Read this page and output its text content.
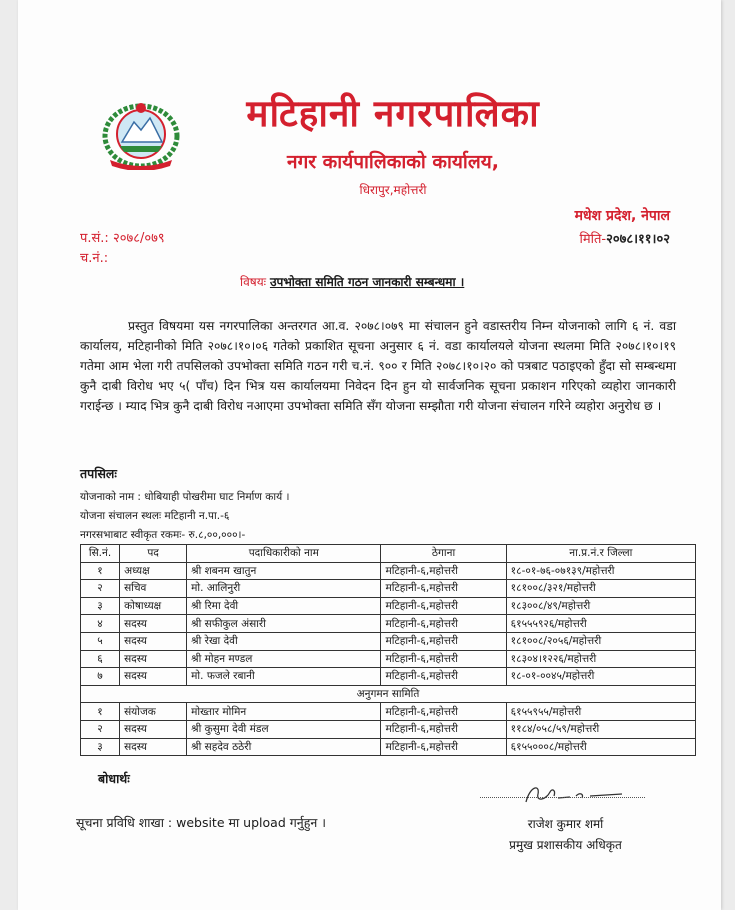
मटिहानी नगरपालिका
नगर कार्यपालिकाको कार्यालय,
धिरापुर,महोत्तरी
मधेश प्रदेश, नेपाल
प.सं.: २०७८/०७९
च.नं.:
मिति-२०७८।११।०२
विषयः उपभोक्ता समिति गठन जानकारी सम्बन्धमा ।
प्रस्तुत विषयमा यस नगरपालिका अन्तरगत आ.व. २०७८।०७९ मा संचालन हुने वडास्तरीय निम्न योजनाको लागि ६ नं. वडा कार्यालय, मटिहानीको मिति २०७८।१०।०६ गतेको प्रकाशित सूचना अनुसार ६ नं. वडा कार्यालयले योजना स्थलमा मिति २०७८।१०।१९ गतेमा आम भेला गरी तपसिलको उपभोक्ता समिति गठन गरी च.नं. ९०० र मिति २०७८।१०।२० को पत्रबाट पठाइएको हुँदा सो सम्बन्धमा कुनै दाबी विरोध भए ५( पाँच) दिन भित्र यस कार्यालयमा निवेदन दिन हुन यो सार्वजनिक सूचना प्रकाशन गरिएको व्यहोरा जानकारी गराईन्छ । म्याद भित्र कुनै दाबी विरोध नआएमा उपभोक्ता समिति सँग योजना सम्झौता गरी योजना संचालन गरिने व्यहोरा अनुरोध छ ।
तपसिलः
योजनाको नाम : धोबियाही पोखरीमा घाट निर्माण कार्य ।
योजना संचालन स्थलः मटिहानी न.पा.-६
नगरसभाबाट स्वीकृत रकमः- रु.८,००,०००।-
सि.नं.	पद	पदाधिकारीको नाम	ठेगाना	ना.प्र.नं.र जिल्ला
१	अध्यक्ष	श्री शबनम खातुन	मटिहानी-६,महोत्तरी	१८-०१-७६-०७१३९/महोत्तरी
२	सचिव	मो. आलिनुरी	मटिहानी-६,महोत्तरी	१८१००८/३२१/महोत्तरी
३	कोषाध्यक्ष	श्री रिमा देवी	मटिहानी-६,महोत्तरी	१८३००८/४९/महोत्तरी
४	सदस्य	श्री सफीकुल अंसारी	मटिहानी-६,महोत्तरी	६१५५५९२६/महोत्तरी
५	सदस्य	श्री रेखा देवी	मटिहानी-६,महोत्तरी	१८१००८/२०५६/महोत्तरी
६	सदस्य	श्री मोहन मण्डल	मटिहानी-६,महोत्तरी	१८३०४।१२२६/महोत्तरी
७	सदस्य	मो. फजले रबानी	मटिहानी-६,महोत्तरी	१८-०१-००४५/महोत्तरी
अनुगमन सामिति				
१	संयोजक	मोख्तार मोमिन	मटिहानी-६,महोत्तरी	६१५५९५५/महोत्तरी
२	सदस्य	श्री कुसुमा देवी मंडल	मटिहानी-६,महोत्तरी	११८४/०५८/५९/महोत्तरी
३	सदस्य	श्री सहदेव ठठेरी	मटिहानी-६,महोत्तरी	६१५५०००८/महोत्तरी
बोधार्थः
सूचना प्रविधि शाखा : website मा upload गर्नुहुन ।	राजेश कुमार शर्मा
प्रमुख प्रशासकीय अधिकृत
